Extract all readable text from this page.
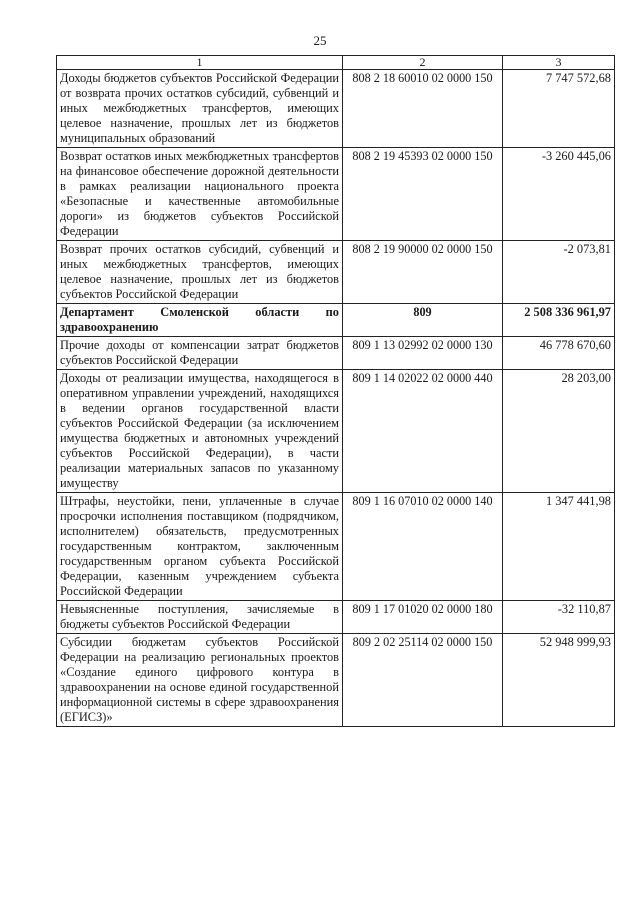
25
1	2	3
Доходы бюджетов субъектов Российской Федерации от возврата прочих остатков субсидий, субвенций и иных межбюджетных трансфертов, имеющих целевое назначение, прошлых лет из бюджетов муниципальных образований	808 2 18 60010 02 0000 150	7 747 572,68
Возврат остатков иных межбюджетных трансфертов на финансовое обеспечение дорожной деятельности в рамках реализации национального проекта «Безопасные и качественные автомобильные дороги» из бюджетов субъектов Российской Федерации	808 2 19 45393 02 0000 150	-3 260 445,06
Возврат прочих остатков субсидий, субвенций и иных межбюджетных трансфертов, имеющих целевое назначение, прошлых лет из бюджетов субъектов Российской Федерации	808 2 19 90000 02 0000 150	-2 073,81
Департамент Смоленской области по здравоохранению	809	2 508 336 961,97
Прочие доходы от компенсации затрат бюджетов субъектов Российской Федерации	809 1 13 02992 02 0000 130	46 778 670,60
Доходы от реализации имущества, находящегося в оперативном управлении учреждений, находящихся в ведении органов государственной власти субъектов Российской Федерации (за исключением имущества бюджетных и автономных учреждений субъектов Российской Федерации), в части реализации материальных запасов по указанному имуществу	809 1 14 02022 02 0000 440	28 203,00
Штрафы, неустойки, пени, уплаченные в случае просрочки исполнения поставщиком (подрядчиком, исполнителем) обязательств, предусмотренных государственным контрактом, заключенным государственным органом субъекта Российской Федерации, казенным учреждением субъекта Российской Федерации	809 1 16 07010 02 0000 140	1 347 441,98
Невыясненные поступления, зачисляемые в бюджеты субъектов Российской Федерации	809 1 17 01020 02 0000 180	-32 110,87
Субсидии бюджетам субъектов Российской Федерации на реализацию региональных проектов «Создание единого цифрового контура в здравоохранении на основе единой государственной информационной системы в сфере здравоохранения (ЕГИСЗ)»	809 2 02 25114 02 0000 150	52 948 999,93
